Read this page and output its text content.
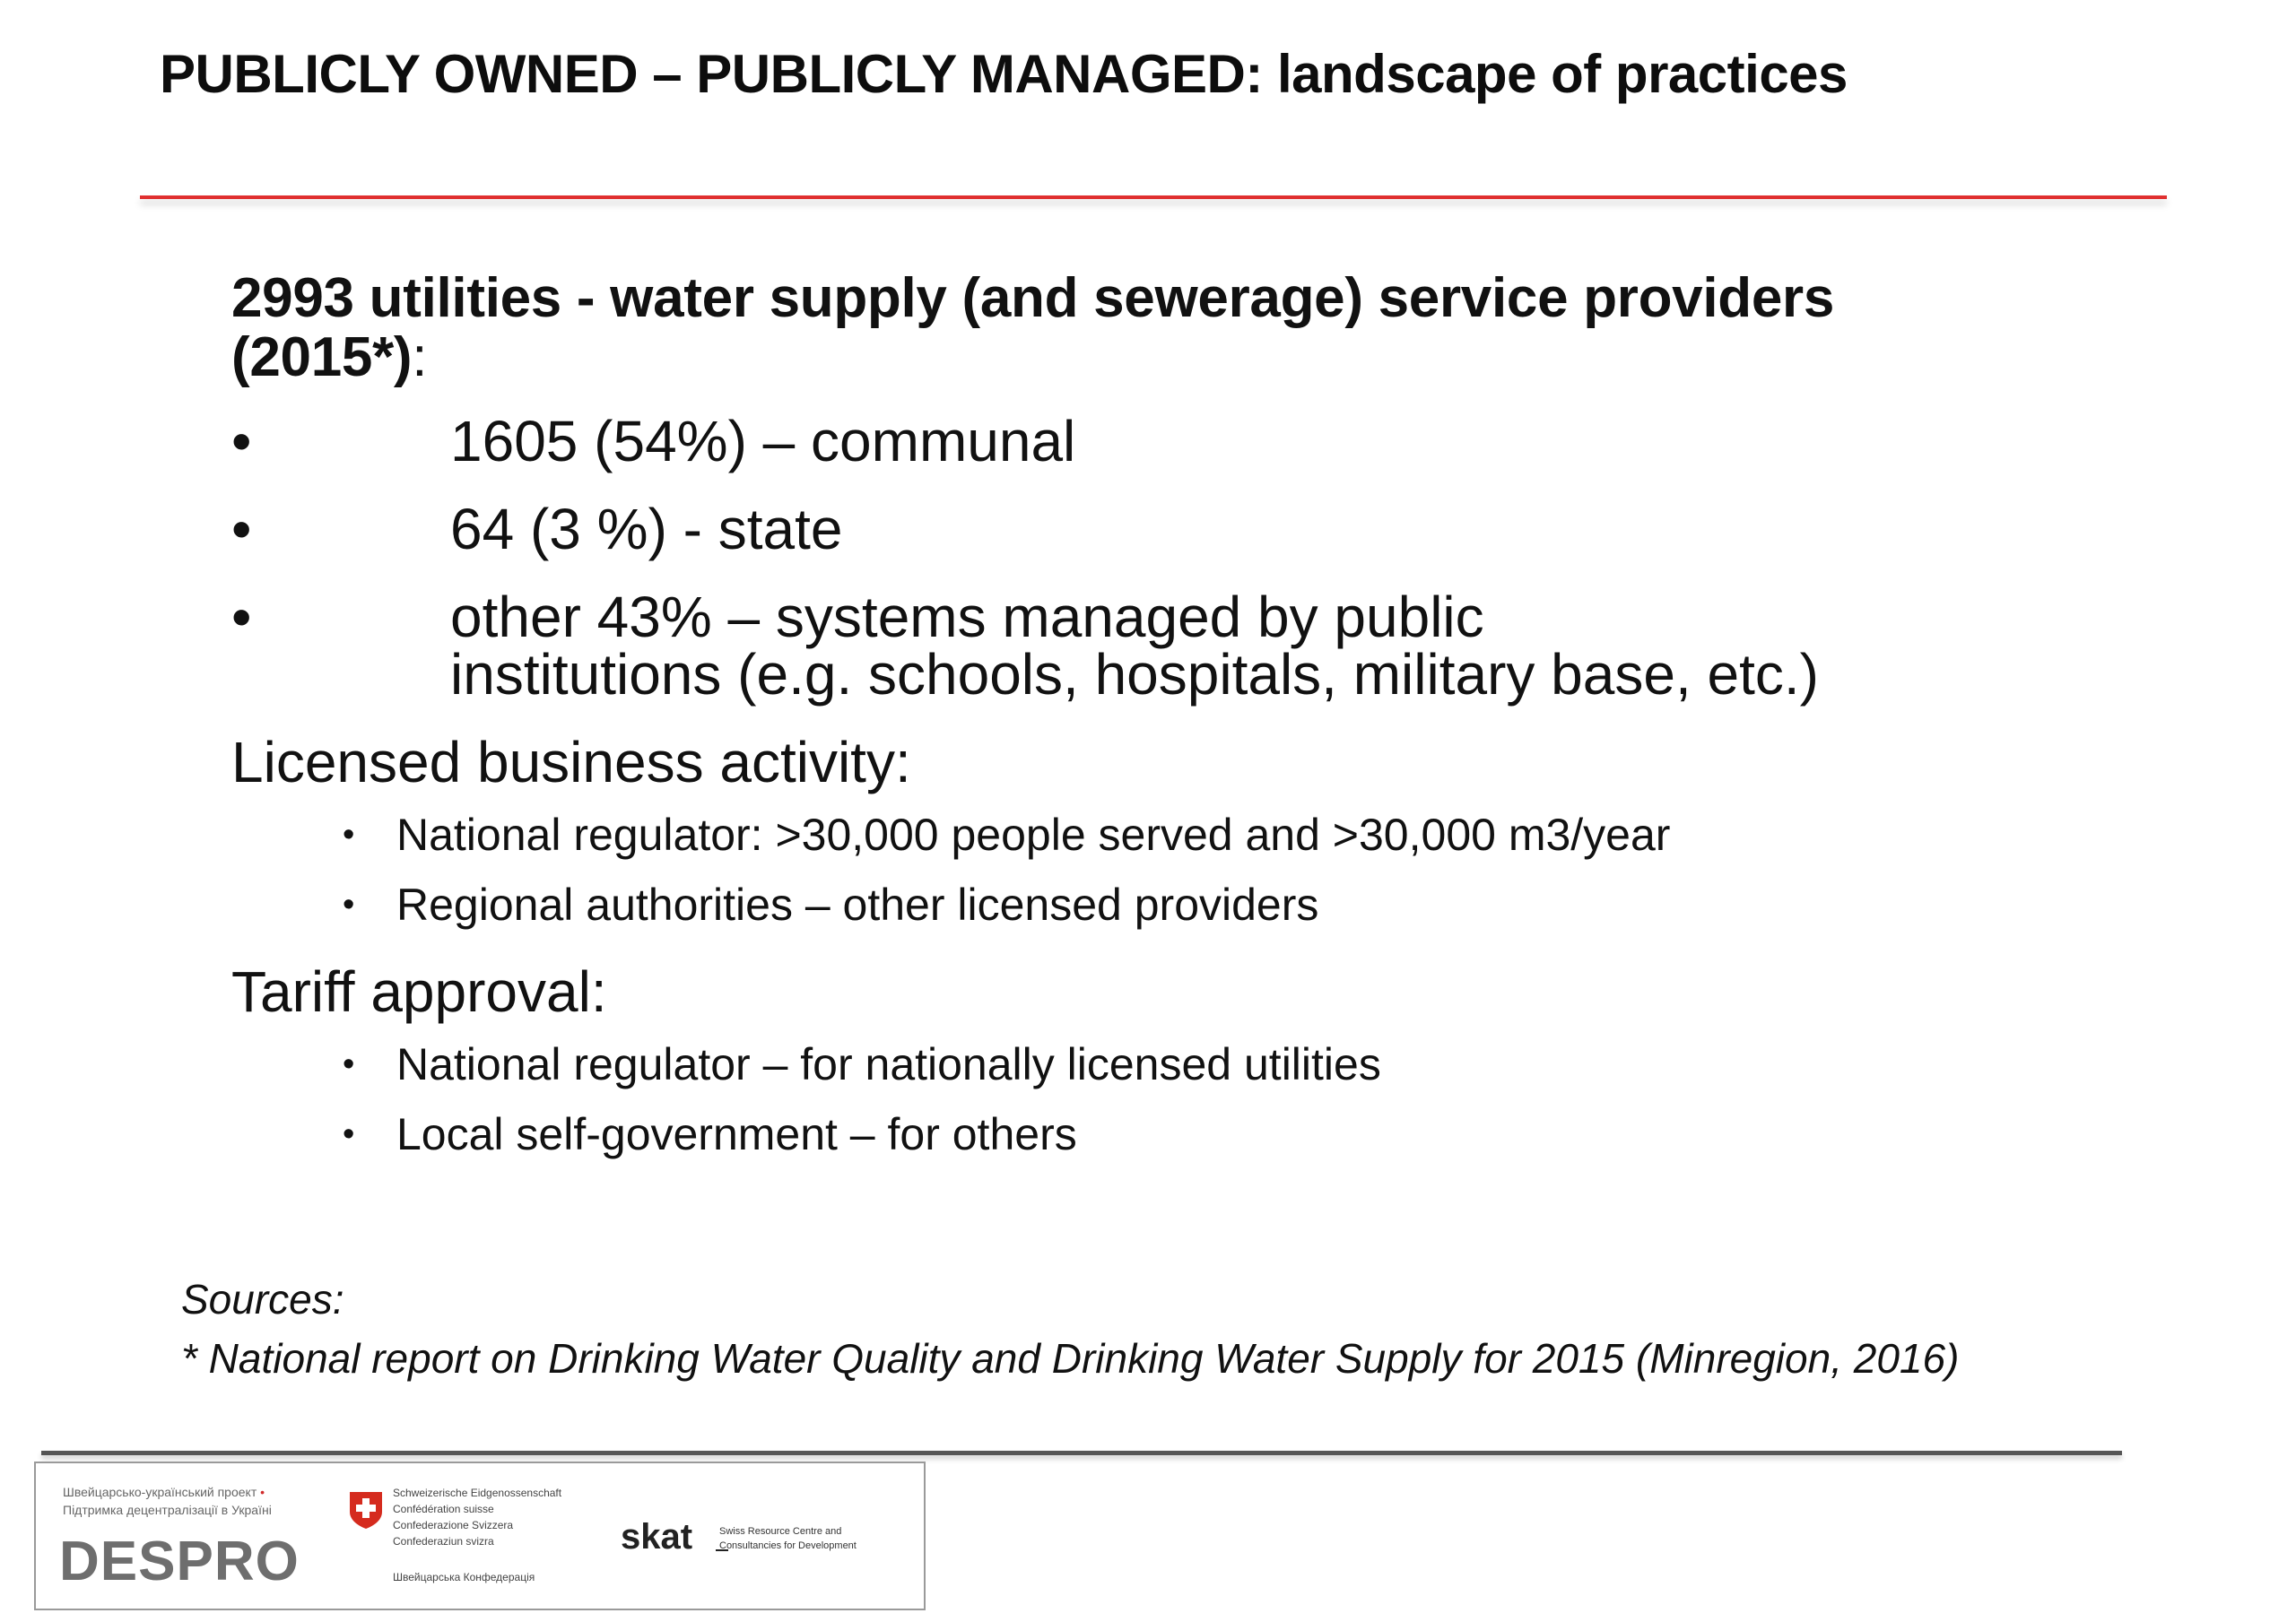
PUBLICLY OWNED – PUBLICLY MANAGED: landscape of practices

2993 utilities - water supply (and sewerage) service providers
(2015*):

•	1605 (54%) – communal
•	64 (3 %) - state
•	other 43% – systems managed by public
institutions (e.g. schools, hospitals, military base, etc.)
Licensed business activity:
• National regulator: >30,000 people served and >30,000 m3/year
• Regional authorities – other licensed providers
Tariff approval:
• National regulator – for nationally licensed utilities
• Local self-government – for others
Sources:
* National report on Drinking Water Quality and Drinking Water Supply for 2015 (Minregion, 2016)
Швейцарсько-український проект •
Підтримка децентралізації в Україні
DESPRO
Schweizerische Eidgenossenschaft
Confédération suisse
Confederazione Svizzera
Confederaziun svizra
Швейцарська Конфедерація
skat	Swiss Resource Centre and
Consultancies for Development
